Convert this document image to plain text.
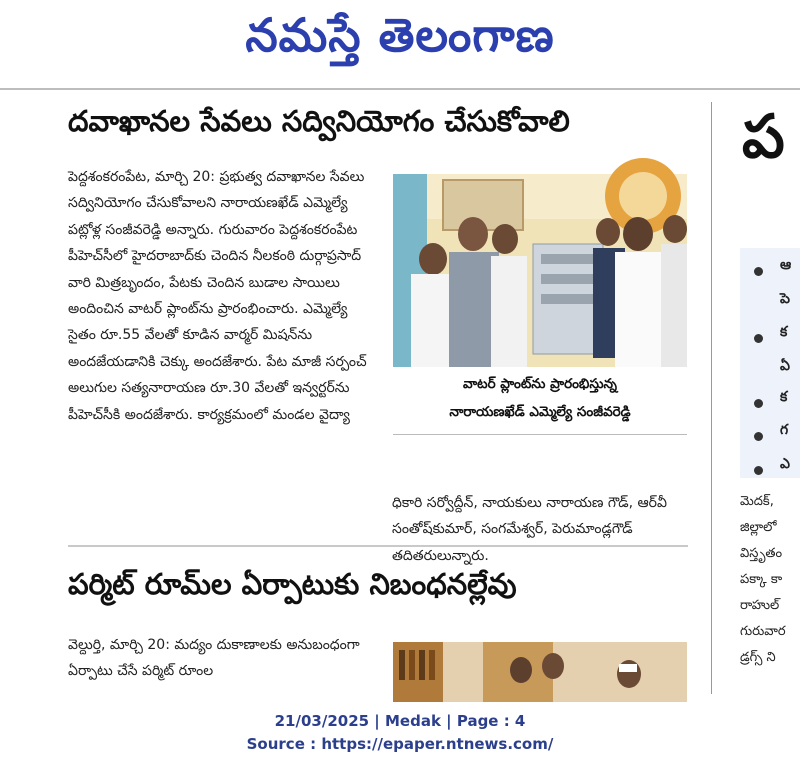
నమస్తే తెలంగాణ
దవాఖానల సేవలు సద్వినియోగం చేసుకోవాలి
పెద్దశంకరంపేట, మార్చి 20: ప్రభుత్వ దవాఖానల సేవలు సద్వినియోగం చేసుకోవాలని నారాయణఖేడ్ ఎమ్మెల్యే పట్లోళ్ల సంజీవరెడ్డి అన్నారు. గురువారం పెద్దశంకరంపేట పీహెచ్‌సీలో హైదరాబాద్‌కు చెందిన నీలకంఠి దుర్గాప్రసాద్ వారి మిత్రబృందం, పేటకు చెందిన బుడాల సాయిలు అందించిన వాటర్ ప్లాంట్‌ను ప్రారంభించారు. ఎమ్మెల్యే సైతం రూ.55 వేలతో కూడిన వార్మర్ మిషన్‌ను అందజేయడానికి చెక్కు అందజేశారు. పేట మాజీ సర్పంచ్ అలుగుల సత్యనారాయణ రూ.30 వేలతో ఇన్వర్టర్‌ను పీహెచ్‌సీకి అందజేశారు. కార్యక్రమంలో మండల వైద్యా
వాటర్ ప్లాంట్‌ను ప్రారంభిస్తున్న
నారాయణఖేడ్ ఎమ్మెల్యే సంజీవరెడ్డి
ధికారి సర్వోద్దీన్, నాయకులు నారాయణ గౌడ్, ఆర్‌వీ సంతోష్‌కుమార్, సంగమేశ్వర్, పెరుమాండ్లగౌడ్ తదితరులున్నారు.
పర్మిట్ రూమ్‌ల ఏర్పాటుకు నిబంధనల్లేవు
వెల్దుర్తి, మార్చి 20: మద్యం దుకాణాలకు అనుబంధంగా ఏర్పాటు చేసే పర్మిట్ రూంల
ప
ఆ
పె
క
ఏ
క
గ
ఎ
మెదక్,
జిల్లాలో
విస్తృతం
పక్కా కా
రాహుల్
గురువార
డ్రగ్స్ ని
21/03/2025 | Medak | Page : 4
Source : https://epaper.ntnews.com/
